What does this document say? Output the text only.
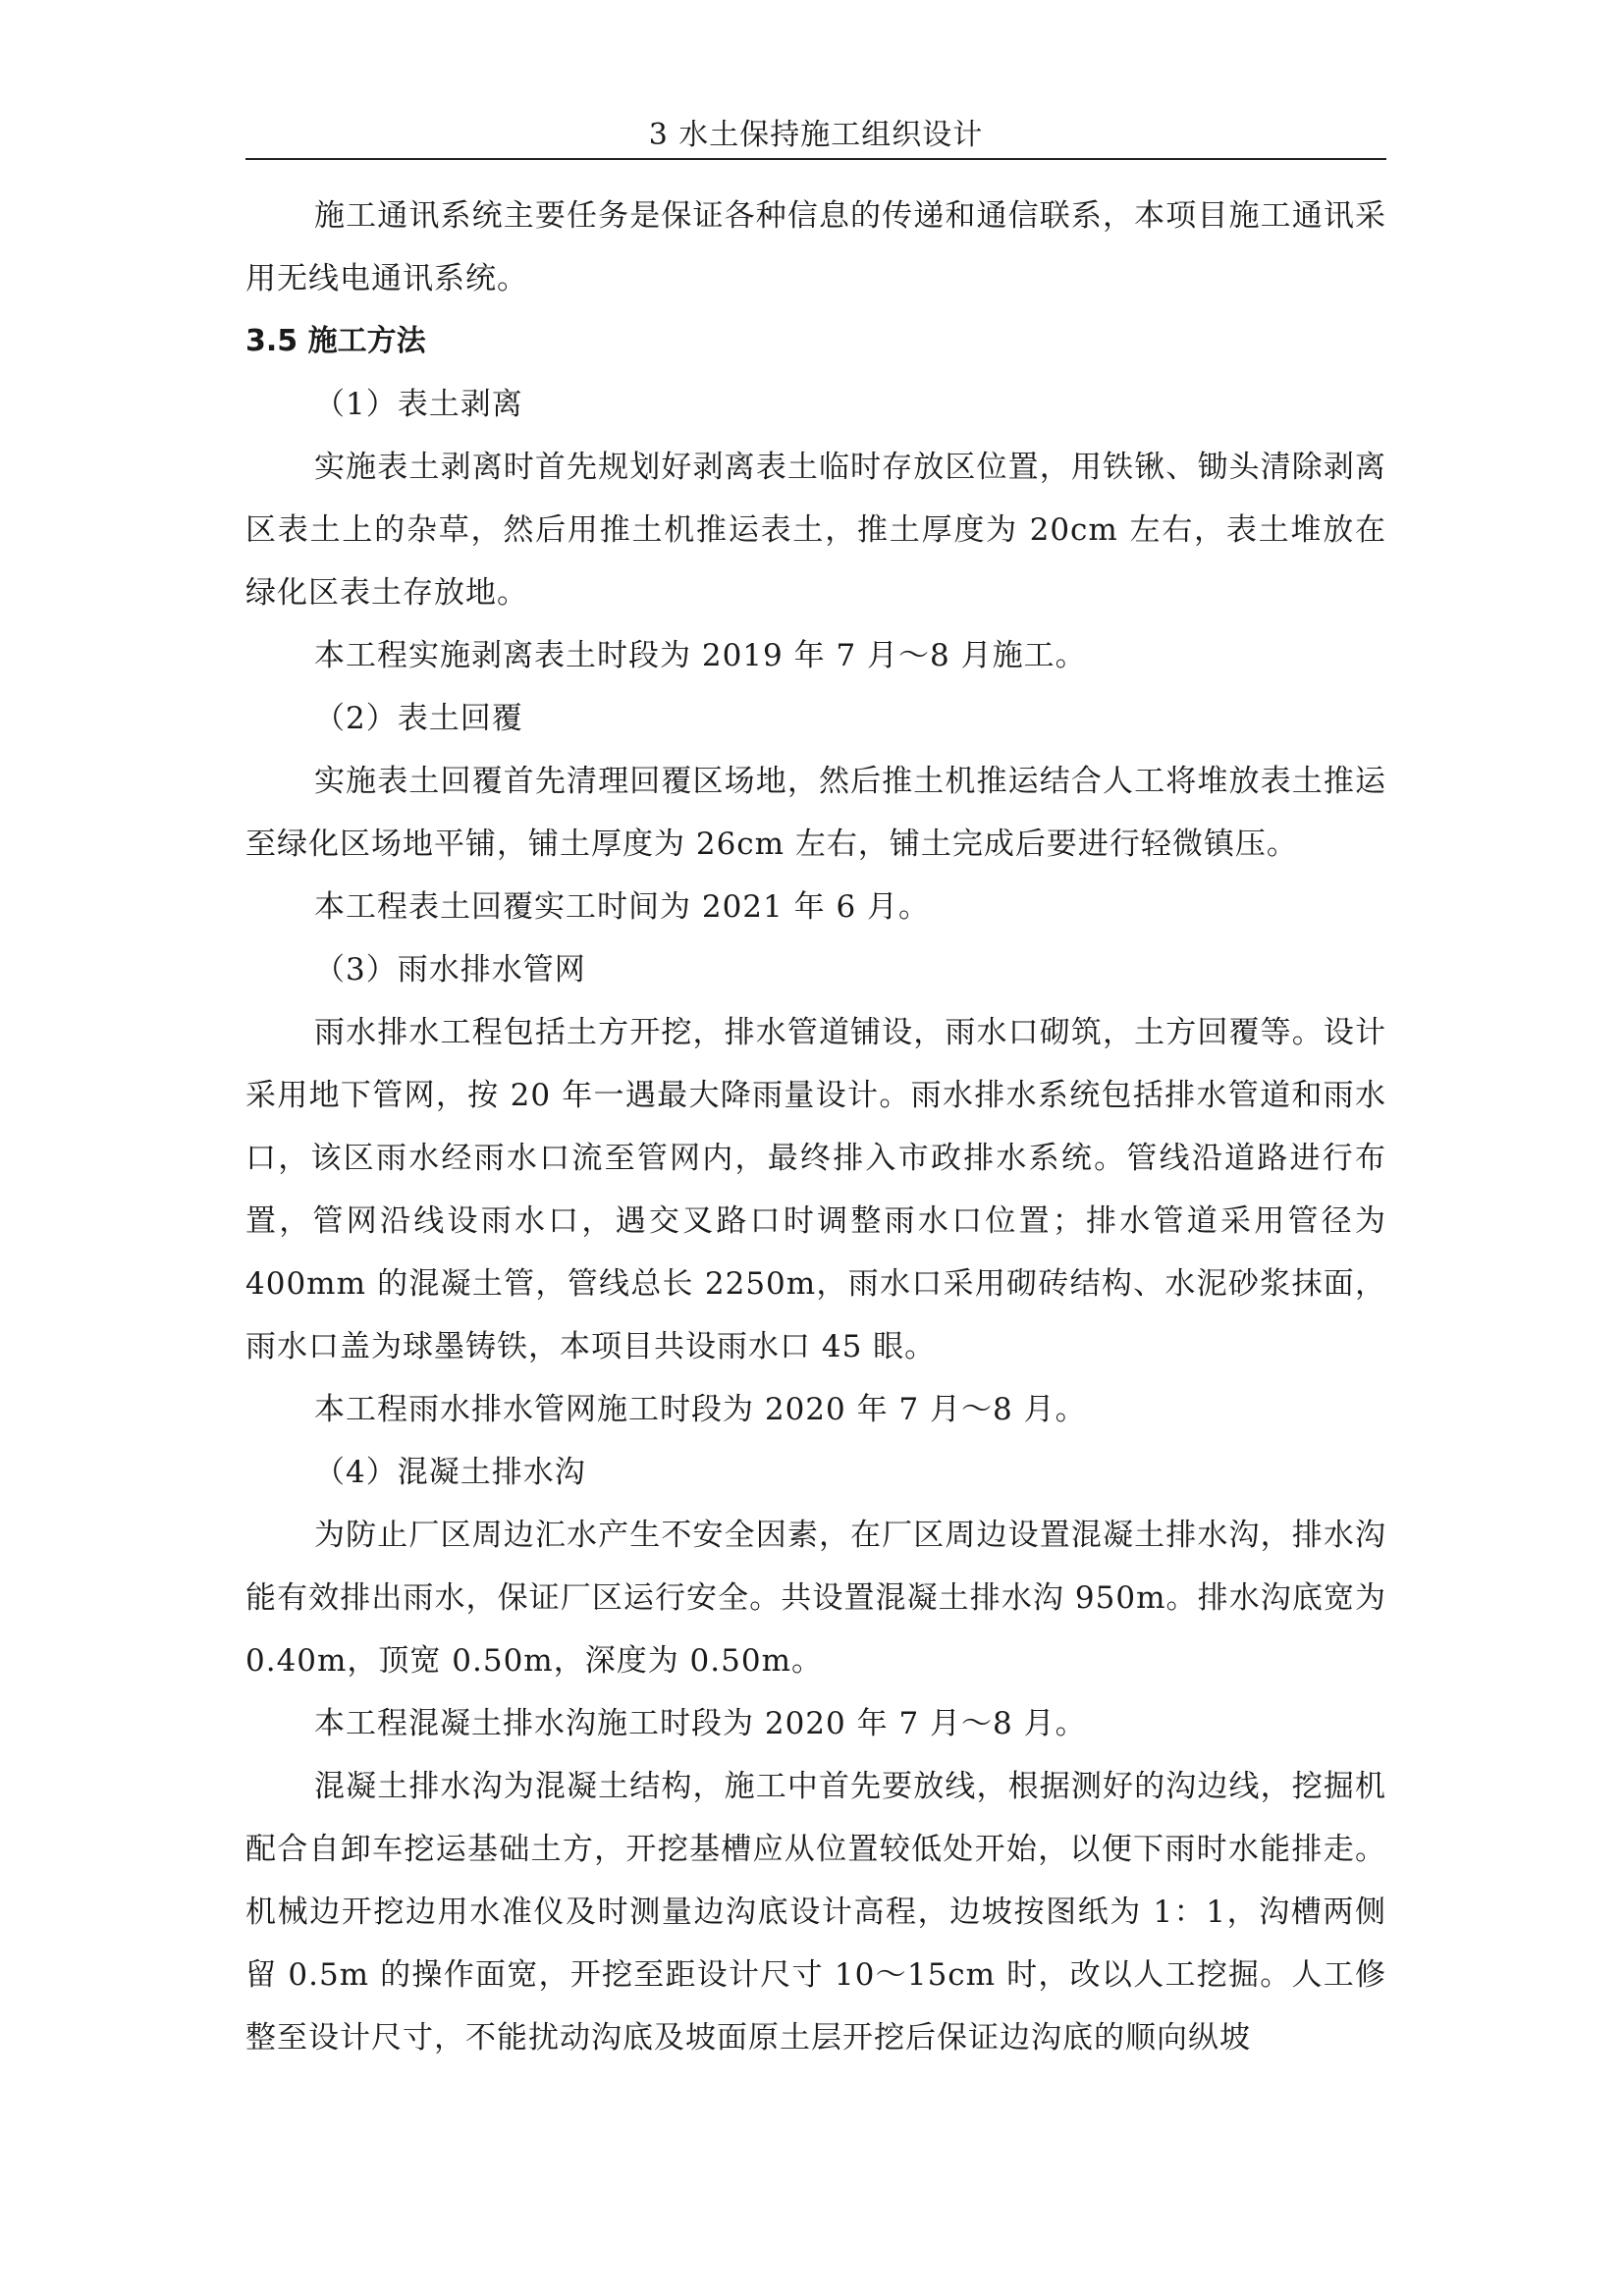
3 水土保持施工组织设计

施工通讯系统主要任务是保证各种信息的传递和通信联系，本项目施工通讯采用无线电通讯系统。

3.5 施工方法

（1）表土剥离

实施表土剥离时首先规划好剥离表土临时存放区位置，用铁锹、锄头清除剥离区表土上的杂草，然后用推土机推运表土，推土厚度为 20cm 左右，表土堆放在绿化区表土存放地。

本工程实施剥离表土时段为 2019 年 7 月～8 月施工。

（2）表土回覆

实施表土回覆首先清理回覆区场地，然后推土机推运结合人工将堆放表土推运至绿化区场地平铺，铺土厚度为 26cm 左右，铺土完成后要进行轻微镇压。

本工程表土回覆实工时间为 2021 年 6 月。

（3）雨水排水管网

雨水排水工程包括土方开挖，排水管道铺设，雨水口砌筑，土方回覆等。设计采用地下管网，按 20 年一遇最大降雨量设计。雨水排水系统包括排水管道和雨水口，该区雨水经雨水口流至管网内，最终排入市政排水系统。管线沿道路进行布置，管网沿线设雨水口，遇交叉路口时调整雨水口位置；排水管道采用管径为 400mm 的混凝土管，管线总长 2250m，雨水口采用砌砖结构、水泥砂浆抹面，雨水口盖为球墨铸铁，本项目共设雨水口 45 眼。

本工程雨水排水管网施工时段为 2020 年 7 月～8 月。

（4）混凝土排水沟

为防止厂区周边汇水产生不安全因素，在厂区周边设置混凝土排水沟，排水沟能有效排出雨水，保证厂区运行安全。共设置混凝土排水沟 950m。排水沟底宽为 0.40m，顶宽 0.50m，深度为 0.50m。

本工程混凝土排水沟施工时段为 2020 年 7 月～8 月。

混凝土排水沟为混凝土结构，施工中首先要放线，根据测好的沟边线，挖掘机配合自卸车挖运基础土方，开挖基槽应从位置较低处开始，以便下雨时水能排走。机械边开挖边用水准仪及时测量边沟底设计高程，边坡按图纸为 1：1，沟槽两侧留 0.5m 的操作面宽，开挖至距设计尺寸 10～15cm 时，改以人工挖掘。人工修整至设计尺寸，不能扰动沟底及坡面原土层开挖后保证边沟底的顺向纵坡
